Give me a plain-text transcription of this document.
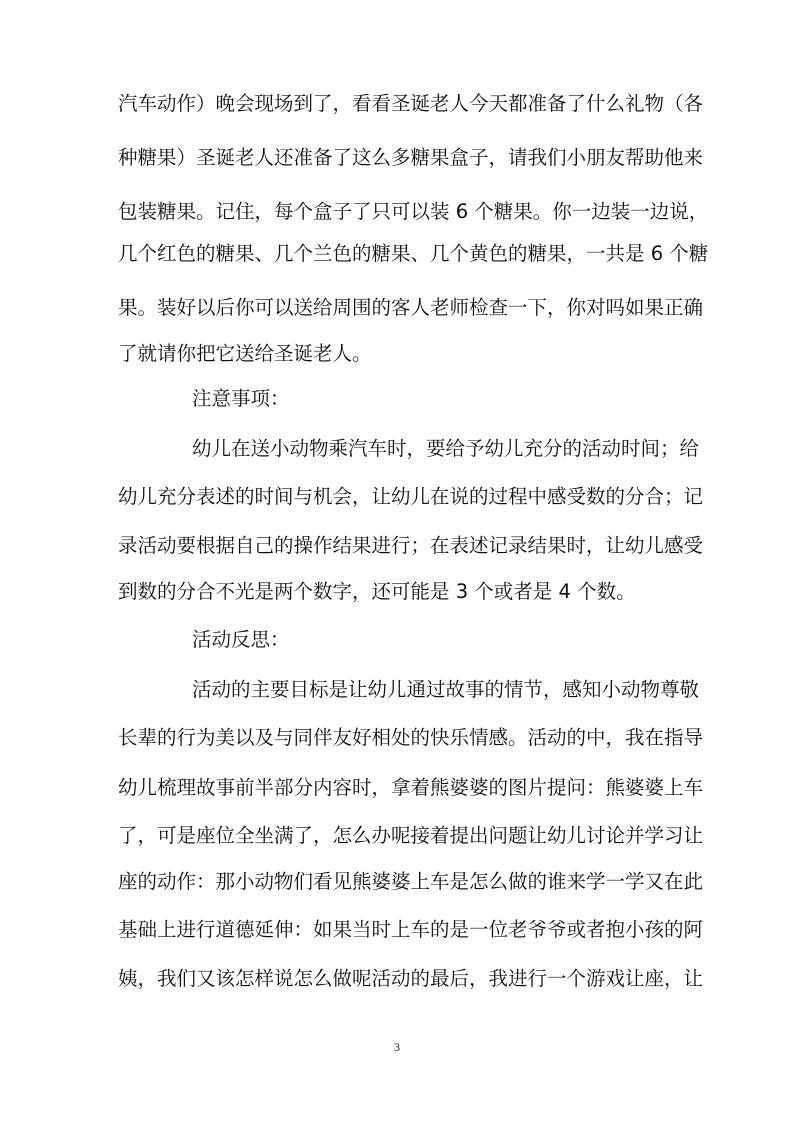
汽车动作）晚会现场到了，看看圣诞老人今天都准备了什么礼物（各
种糖果）圣诞老人还准备了这么多糖果盒子，请我们小朋友帮助他来
包装糖果。记住，每个盒子了只可以装 6 个糖果。你一边装一边说，
几个红色的糖果、几个兰色的糖果、几个黄色的糖果，一共是 6 个糖
果。装好以后你可以送给周围的客人老师检查一下，你对吗如果正确
了就请你把它送给圣诞老人。
注意事项：
幼儿在送小动物乘汽车时，要给予幼儿充分的活动时间；给
幼儿充分表述的时间与机会，让幼儿在说的过程中感受数的分合；记
录活动要根据自己的操作结果进行；在表述记录结果时，让幼儿感受
到数的分合不光是两个数字，还可能是 3 个或者是 4 个数。
活动反思：
活动的主要目标是让幼儿通过故事的情节，感知小动物尊敬
长辈的行为美以及与同伴友好相处的快乐情感。活动的中，我在指导
幼儿梳理故事前半部分内容时，拿着熊婆婆的图片提问：熊婆婆上车
了，可是座位全坐满了，怎么办呢接着提出问题让幼儿讨论并学习让
座的动作：那小动物们看见熊婆婆上车是怎么做的谁来学一学又在此
基础上进行道德延伸：如果当时上车的是一位老爷爷或者抱小孩的阿
姨，我们又该怎样说怎么做呢活动的最后，我进行一个游戏让座，让
3
